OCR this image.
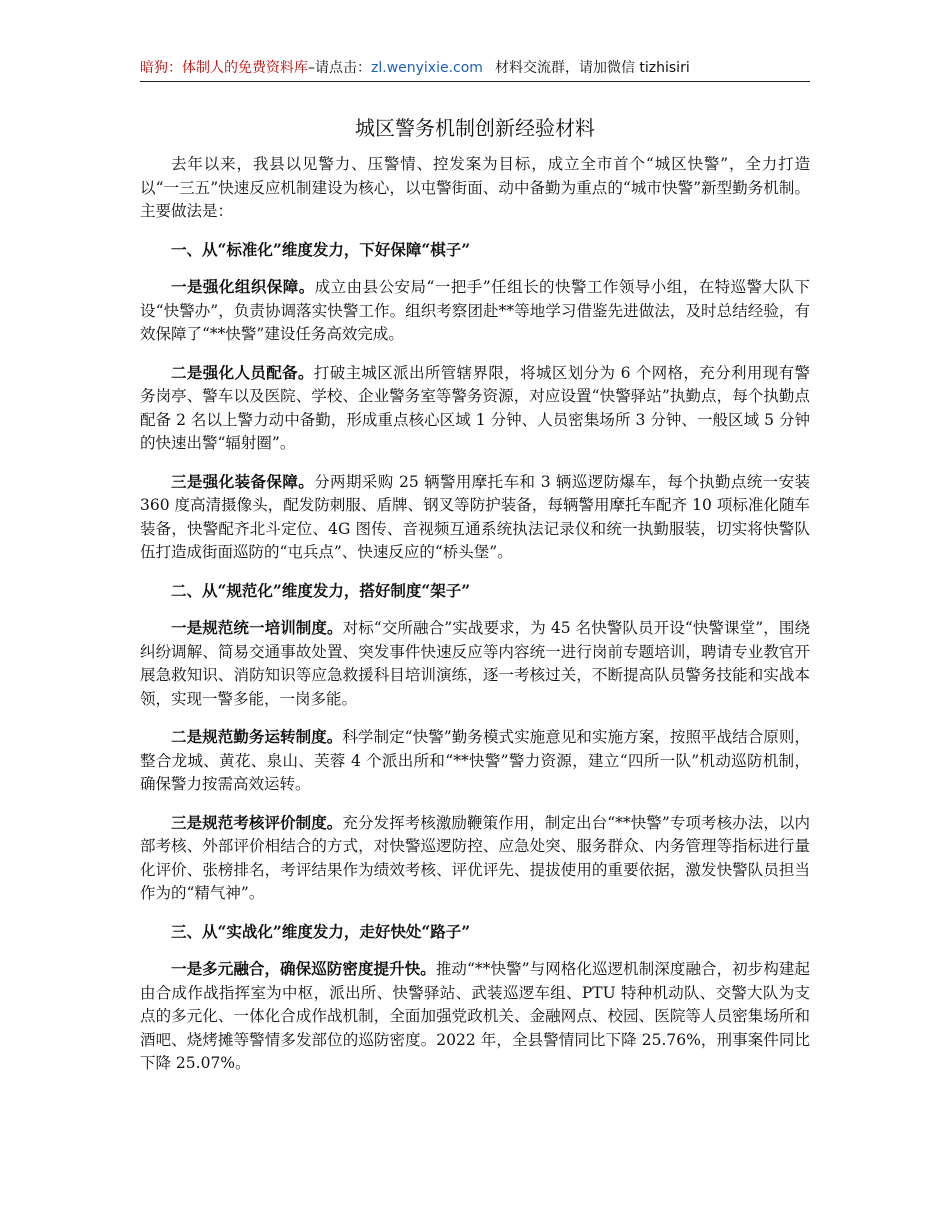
暗狗：体制人的免费资料库–请点击：zl.wenyixie.com 材料交流群，请加微信 tizhisiri
城区警务机制创新经验材料

去年以来，我县以见警力、压警情、控发案为目标，成立全市首个“城区快警”，全力打造以“一三五”快速反应机制建设为核心，以屯警街面、动中备勤为重点的“城市快警”新型勤务机制。主要做法是：

一、从“标准化”维度发力，下好保障“棋子”

一是强化组织保障。成立由县公安局“一把手”任组长的快警工作领导小组，在特巡警大队下设“快警办”，负责协调落实快警工作。组织考察团赴**等地学习借鉴先进做法，及时总结经验，有效保障了“**快警”建设任务高效完成。

二是强化人员配备。打破主城区派出所管辖界限，将城区划分为 6 个网格，充分利用现有警务岗亭、警车以及医院、学校、企业警务室等警务资源，对应设置“快警驿站”执勤点，每个执勤点配备 2 名以上警力动中备勤，形成重点核心区域 1 分钟、人员密集场所 3 分钟、一般区域 5 分钟的快速出警“辐射圈”。

三是强化装备保障。分两期采购 25 辆警用摩托车和 3 辆巡逻防爆车，每个执勤点统一安装 360 度高清摄像头，配发防刺服、盾牌、钢叉等防护装备，每辆警用摩托车配齐 10 项标准化随车装备，快警配齐北斗定位、4G 图传、音视频互通系统执法记录仪和统一执勤服装，切实将快警队伍打造成街面巡防的“屯兵点”、快速反应的“桥头堡”。

二、从“规范化”维度发力，搭好制度“架子”

一是规范统一培训制度。对标“交所融合”实战要求，为 45 名快警队员开设“快警课堂”，围绕纠纷调解、简易交通事故处置、突发事件快速反应等内容统一进行岗前专题培训，聘请专业教官开展急救知识、消防知识等应急救援科目培训演练，逐一考核过关，不断提高队员警务技能和实战本领，实现一警多能，一岗多能。

二是规范勤务运转制度。科学制定“快警”勤务模式实施意见和实施方案，按照平战结合原则，整合龙城、黄花、泉山、芙蓉 4 个派出所和“**快警”警力资源，建立“四所一队”机动巡防机制，确保警力按需高效运转。

三是规范考核评价制度。充分发挥考核激励鞭策作用，制定出台“**快警”专项考核办法，以内部考核、外部评价相结合的方式，对快警巡逻防控、应急处突、服务群众、内务管理等指标进行量化评价、张榜排名，考评结果作为绩效考核、评优评先、提拔使用的重要依据，激发快警队员担当作为的“精气神”。

三、从“实战化”维度发力，走好快处“路子”

一是多元融合，确保巡防密度提升快。推动“**快警”与网格化巡逻机制深度融合，初步构建起由合成作战指挥室为中枢，派出所、快警驿站、武装巡逻车组、PTU 特种机动队、交警大队为支点的多元化、一体化合成作战机制，全面加强党政机关、金融网点、校园、医院等人员密集场所和酒吧、烧烤摊等警情多发部位的巡防密度。2022 年，全县警情同比下降 25.76%，刑事案件同比下降 25.07%。
